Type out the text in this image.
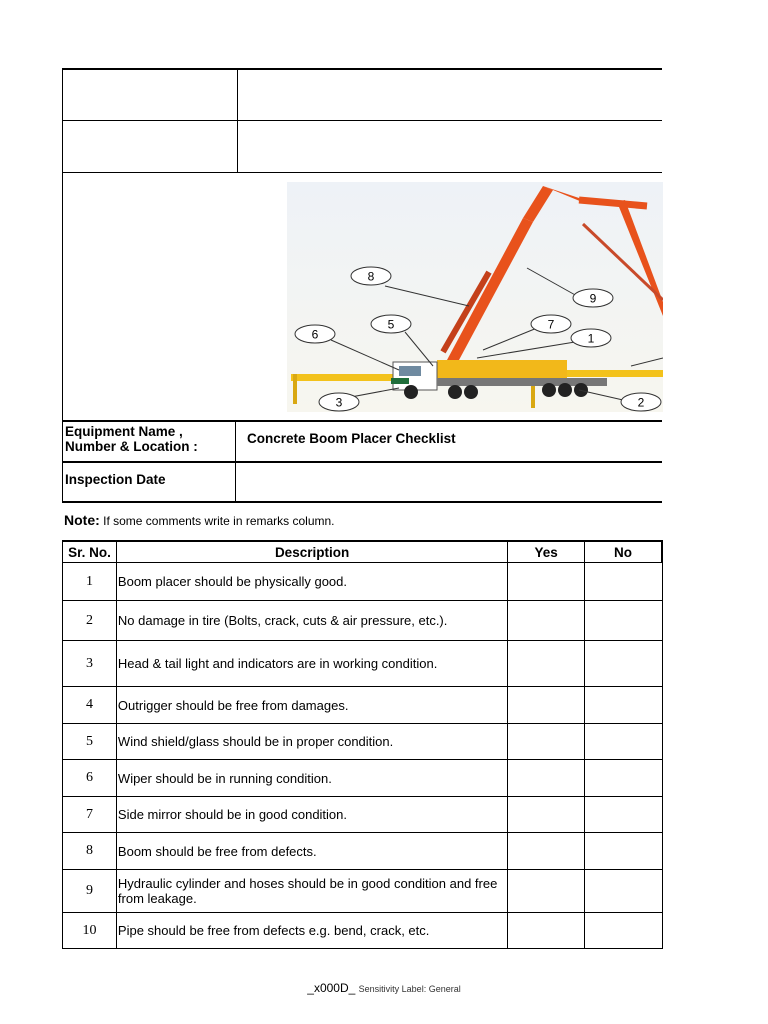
8
9
5	7
6	1
3	2
Equipment Name , Number & Location :
Concrete Boom Placer Checklist
Inspection Date
Note: If some comments write in remarks column.
Sr. No.	Description	Yes	No
1	Boom placer should be physically good.		
2	No damage in tire (Bolts, crack, cuts & air pressure, etc.).		
3	Head & tail light and indicators are in working condition.		
4	Outrigger should be free from damages.		
5	Wind shield/glass should be in proper condition.		
6	Wiper should be in running condition.		
7	Side mirror should be in good condition.		
8	Boom should be free from defects.		
9	Hydraulic cylinder and hoses should be in good condition and free from leakage.		
10	Pipe should be free from defects e.g. bend, crack, etc.		
_x000D_ Sensitivity Label: General
